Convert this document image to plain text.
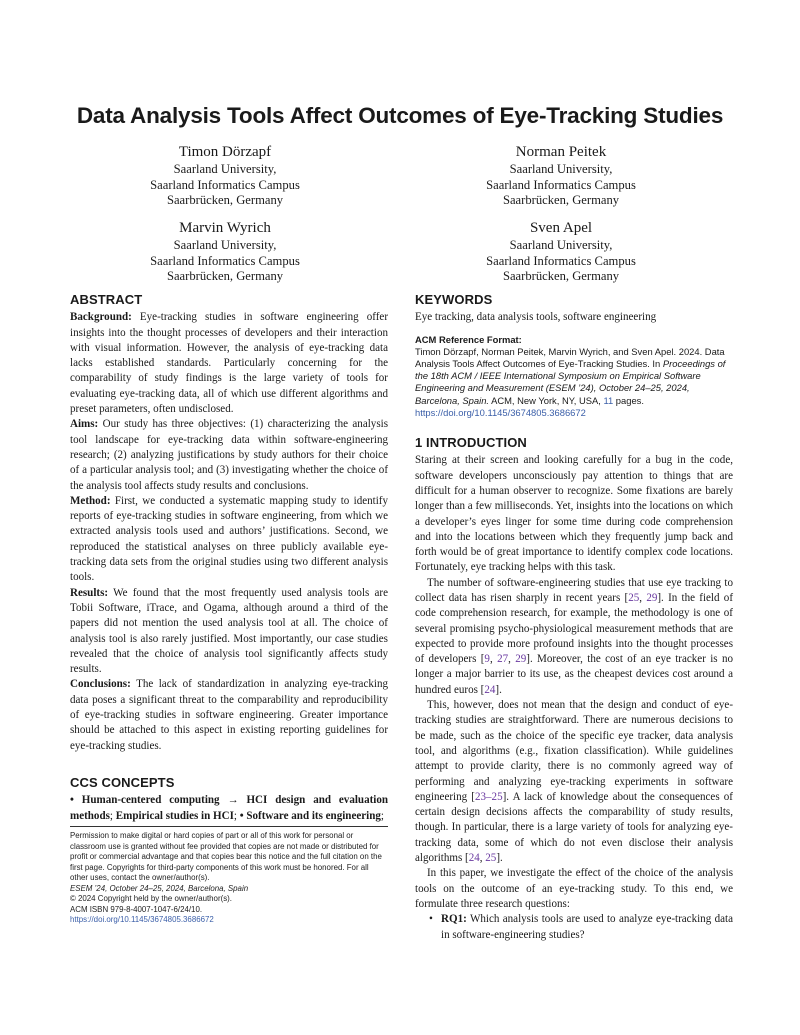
Data Analysis Tools Affect Outcomes of Eye-Tracking Studies
Timon Dörzapf
Saarland University,
Saarland Informatics Campus
Saarbrücken, Germany
Norman Peitek
Saarland University,
Saarland Informatics Campus
Saarbrücken, Germany
Marvin Wyrich
Saarland University,
Saarland Informatics Campus
Saarbrücken, Germany
Sven Apel
Saarland University,
Saarland Informatics Campus
Saarbrücken, Germany
ABSTRACT

Background: Eye-tracking studies in software engineering offer insights into the thought processes of developers and their interaction with visual information. However, the analysis of eye-tracking data lacks established standards. Particularly concerning for the comparability of study findings is the large variety of tools for evaluating eye-tracking data, all of which use different algorithms and preset parameters, often undisclosed.

Aims: Our study has three objectives: (1) characterizing the analysis tool landscape for eye-tracking data within software-engineering research; (2) analyzing justifications by study authors for their choice of a particular analysis tool; and (3) investigating whether the choice of the analysis tool affects study results and conclusions.

Method: First, we conducted a systematic mapping study to identify reports of eye-tracking studies in software engineering, from which we extracted analysis tools used and authors’ justifications. Second, we reproduced the statistical analyses on three publicly available eye-tracking data sets from the original studies using two different analysis tools.

Results: We found that the most frequently used analysis tools are Tobii Software, iTrace, and Ogama, although around a third of the papers did not mention the used analysis tool at all. The choice of analysis tool is also rarely justified. Most importantly, our case studies revealed that the choice of analysis tool significantly affects study results.

Conclusions: The lack of standardization in analyzing eye-tracking data poses a significant threat to the comparability and reproducibility of eye-tracking studies in software engineering. Greater importance should be attached to this aspect in existing reporting guidelines for eye-tracking studies.

CCS CONCEPTS

• Human-centered computing → HCI design and evaluation methods; Empirical studies in HCI; • Software and its engineering;

Permission to make digital or hard copies of part or all of this work for personal or classroom use is granted without fee provided that copies are not made or distributed for profit or commercial advantage and that copies bear this notice and the full citation on the first page. Copyrights for third-party components of this work must be honored. For all other uses, contact the owner/author(s).
ESEM ’24, October 24–25, 2024, Barcelona, Spain
© 2024 Copyright held by the owner/author(s).
ACM ISBN 979-8-4007-1047-6/24/10.
https://doi.org/10.1145/3674805.3686672
KEYWORDS

Eye tracking, data analysis tools, software engineering

ACM Reference Format:

Timon Dörzapf, Norman Peitek, Marvin Wyrich, and Sven Apel. 2024. Data Analysis Tools Affect Outcomes of Eye-Tracking Studies. In Proceedings of the 18th ACM / IEEE International Symposium on Empirical Software Engineering and Measurement (ESEM ’24), October 24–25, 2024, Barcelona, Spain. ACM, New York, NY, USA, 11 pages. https://doi.org/10.1145/3674805.3686672

1 INTRODUCTION

Staring at their screen and looking carefully for a bug in the code, software developers unconsciously pay attention to things that are difficult for a human observer to recognize. Some fixations are barely longer than a few milliseconds. Yet, insights into the locations on which a developer’s eyes linger for some time during code comprehension and into the locations between which they frequently jump back and forth would be of great importance to identify complex code locations. Fortunately, eye tracking helps with this task.

The number of software-engineering studies that use eye tracking to collect data has risen sharply in recent years [25, 29]. In the field of code comprehension research, for example, the methodology is one of several promising psycho-physiological measurement methods that are expected to provide more profound insights into the thought processes of developers [9, 27, 29]. Moreover, the cost of an eye tracker is no longer a major barrier to its use, as the cheapest devices cost around a hundred euros [24].

This, however, does not mean that the design and conduct of eye-tracking studies are straightforward. There are numerous decisions to be made, such as the choice of the specific eye tracker, data analysis tool, and algorithms (e.g., fixation classification). While guidelines attempt to provide clarity, there is no commonly agreed way of performing and analyzing eye-tracking experiments in software engineering [23–25]. A lack of knowledge about the consequences of certain design decisions affects the comparability of study results, though. In particular, there is a large variety of tools for analyzing eye-tracking data, some of which do not even disclose their analysis algorithms [24, 25].

In this paper, we investigate the effect of the choice of the analysis tools on the outcome of an eye-tracking study. To this end, we formulate three research questions:

• RQ1: Which analysis tools are used to analyze eye-tracking data in software-engineering studies?
